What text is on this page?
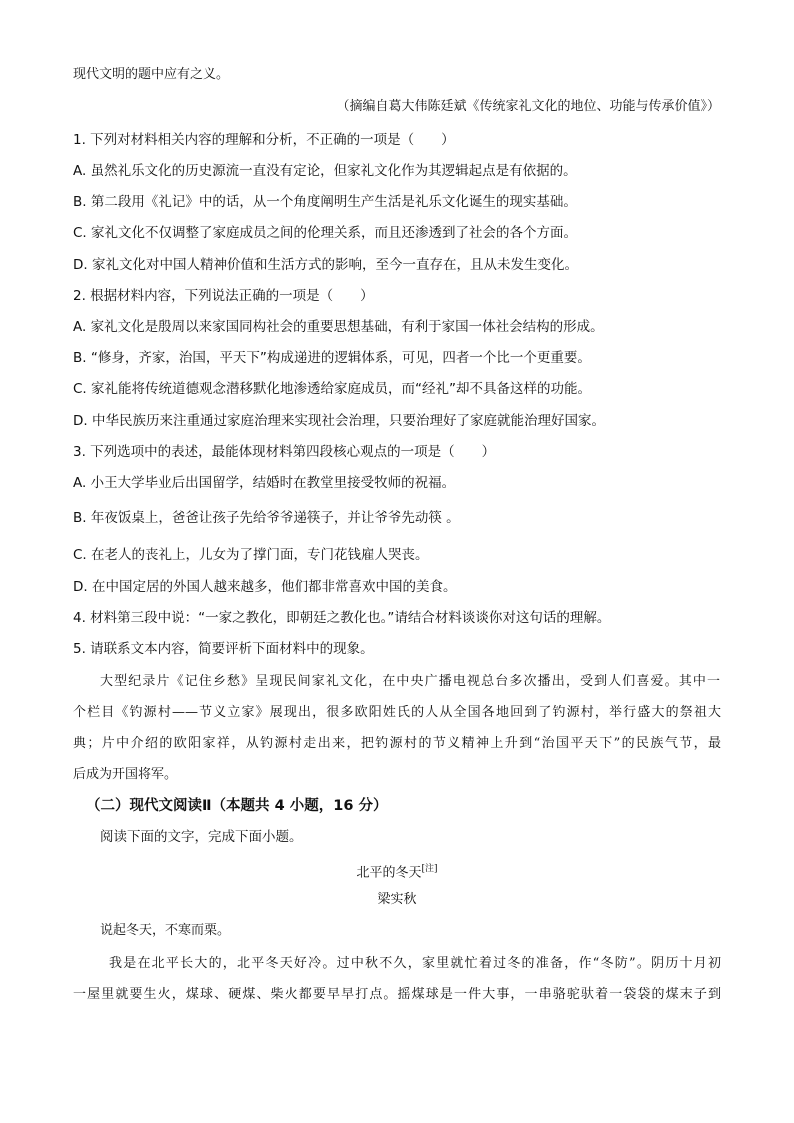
现代文明的题中应有之义。
（摘编自葛大伟陈廷斌《传统家礼文化的地位、功能与传承价值》）
1. 下列对材料相关内容的理解和分析，不正确的一项是（　　）
A. 虽然礼乐文化的历史源流一直没有定论，但家礼文化作为其逻辑起点是有依据的。
B. 第二段用《礼记》中的话，从一个角度阐明生产生活是礼乐文化诞生的现实基础。
C. 家礼文化不仅调整了家庭成员之间的伦理关系，而且还渗透到了社会的各个方面。
D. 家礼文化对中国人精神价值和生活方式的影响，至今一直存在，且从未发生变化。
2. 根据材料内容，下列说法正确的一项是（　　）
A. 家礼文化是殷周以来家国同构社会的重要思想基础，有利于家国一体社会结构的形成。
B. “修身，齐家，治国，平天下”构成递进的逻辑体系，可见，四者一个比一个更重要。
C. 家礼能将传统道德观念潜移默化地渗透给家庭成员，而“经礼”却不具备这样的功能。
D. 中华民族历来注重通过家庭治理来实现社会治理，只要治理好了家庭就能治理好国家。
3. 下列选项中的表述，最能体现材料第四段核心观点的一项是（　　）
A. 小王大学毕业后出国留学，结婚时在教堂里接受牧师的祝福。
B. 年夜饭桌上，爸爸让孩子先给爷爷递筷子，并让爷爷先动筷 。
C. 在老人的丧礼上，儿女为了撑门面，专门花钱雇人哭丧。
D. 在中国定居的外国人越来越多，他们都非常喜欢中国的美食。
4. 材料第三段中说：“一家之教化，即朝廷之教化也。”请结合材料谈谈你对这句话的理解。
5. 请联系文本内容，简要评析下面材料中的现象。
大型纪录片《记住乡愁》呈现民间家礼文化，在中央广播电视总台多次播出，受到人们喜爱。其中一
个栏目《钓源村——节义立家》展现出，很多欧阳姓氏的人从全国各地回到了钓源村，举行盛大的祭祖大
典；片中介绍的欧阳家祥，从钓源村走出来，把钓源村的节义精神上升到“治国平天下”的民族气节，最
后成为开国将军。
（二）现代文阅读Ⅱ（本题共 4 小题，16 分）
阅读下面的文字，完成下面小题。
北平的冬天[注]
梁实秋
说起冬天，不寒而栗。
我是在北平长大的，北平冬天好冷。过中秋不久，家里就忙着过冬的准备，作“冬防”。阴历十月初
一屋里就要生火，煤球、硬煤、柴火都要早早打点。摇煤球是一件大事，一串骆驼驮着一袋袋的煤末子到
